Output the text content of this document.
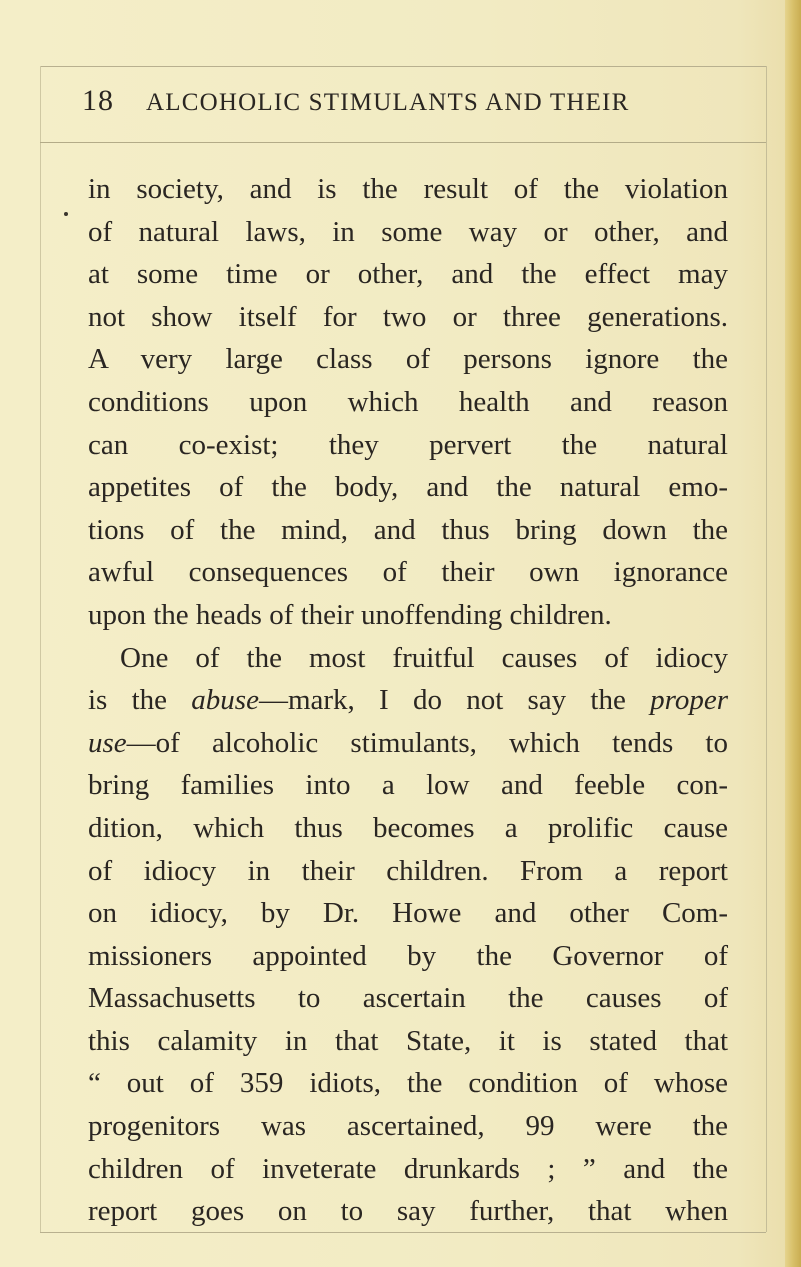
18 ALCOHOLIC STIMULANTS AND THEIR
in society, and is the result of the violation
of natural laws, in some way or other, and
at some time or other, and the effect may
not show itself for two or three generations.
A very large class of persons ignore the
conditions upon which health and reason
can co-exist; they pervert the natural
appetites of the body, and the natural emo-
tions of the mind, and thus bring down the
awful consequences of their own ignorance
upon the heads of their unoffending children.
One of the most fruitful causes of idiocy
is the abuse—mark, I do not say the proper
use—of alcoholic stimulants, which tends to
bring families into a low and feeble con-
dition, which thus becomes a prolific cause
of idiocy in their children. From a report
on idiocy, by Dr. Howe and other Com-
missioners appointed by the Governor of
Massachusetts to ascertain the causes of
this calamity in that State, it is stated that
“ out of 359 idiots, the condition of whose
progenitors was ascertained, 99 were the
children of inveterate drunkards ; ” and the
report goes on to say further, that when
